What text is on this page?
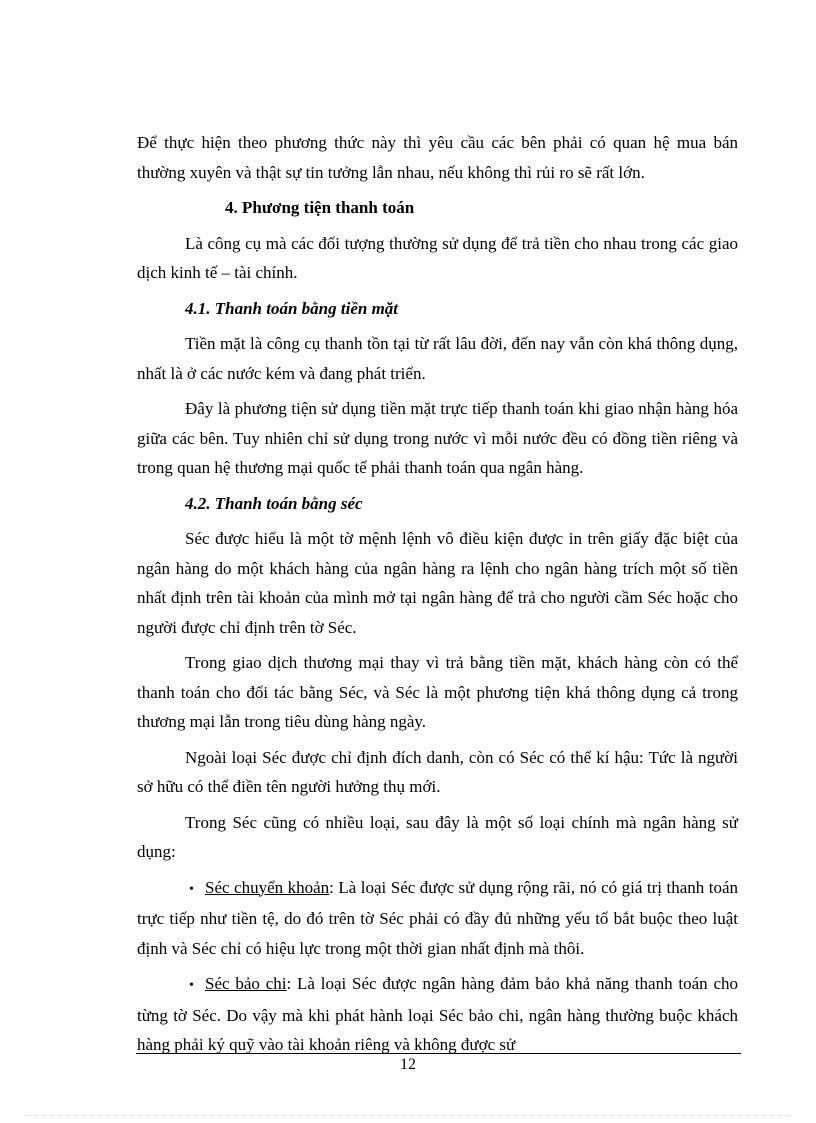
Để thực hiện theo phương thức này thì yêu cầu các bên phải có quan hệ mua bán thường xuyên và thật sự tin tưởng lẫn nhau, nếu không thì rủi ro sẽ rất lớn.

4. Phương tiện thanh toán

Là công cụ mà các đối tượng thường sử dụng để trả tiền cho nhau trong các giao dịch kinh tế – tài chính.

4.1. Thanh toán bằng tiền mặt

Tiền mặt là công cụ thanh tồn tại từ rất lâu đời, đến nay vẫn còn khá thông dụng, nhất là ở các nước kém và đang phát triển.

Đây là phương tiện sử dụng tiền mặt trực tiếp thanh toán khi giao nhận hàng hóa giữa các bên. Tuy nhiên chỉ sử dụng trong nước vì mỗi nước đều có đồng tiền riêng và trong quan hệ thương mại quốc tế phải thanh toán qua ngân hàng.

4.2. Thanh toán bằng séc

Séc được hiểu là một tờ mệnh lệnh vô điều kiện được in trên giấy đặc biệt của ngân hàng do một khách hàng của ngân hàng ra lệnh cho ngân hàng trích một số tiền nhất định trên tài khoản của mình mở tại ngân hàng để trả cho người cầm Séc hoặc cho người được chỉ định trên tờ Séc.

Trong giao dịch thương mại thay vì trả bằng tiền mặt, khách hàng còn có thể thanh toán cho đối tác bằng Séc, và Séc là một phương tiện khá thông dụng cả trong thương mại lẫn trong tiêu dùng hàng ngày.

Ngoài loại Séc được chỉ định đích danh, còn có Séc có thể kí hậu: Tức là người sở hữu có thể điền tên người hưởng thụ mới.

Trong Séc cũng có nhiều loại, sau đây là một số loại chính mà ngân hàng sử dụng:

• Séc chuyển khoản: Là loại Séc được sử dụng rộng rãi, nó có giá trị thanh toán trực tiếp như tiền tệ, do đó trên tờ Séc phải có đầy đủ những yếu tố bắt buộc theo luật định và Séc chỉ có hiệu lực trong một thời gian nhất định mà thôi.

• Séc bảo chi: Là loại Séc được ngân hàng đảm bảo khả năng thanh toán cho từng tờ Séc. Do vậy mà khi phát hành loại Séc bảo chi, ngân hàng thường buộc khách hàng phải ký quỹ vào tài khoản riêng và không được sử

12
